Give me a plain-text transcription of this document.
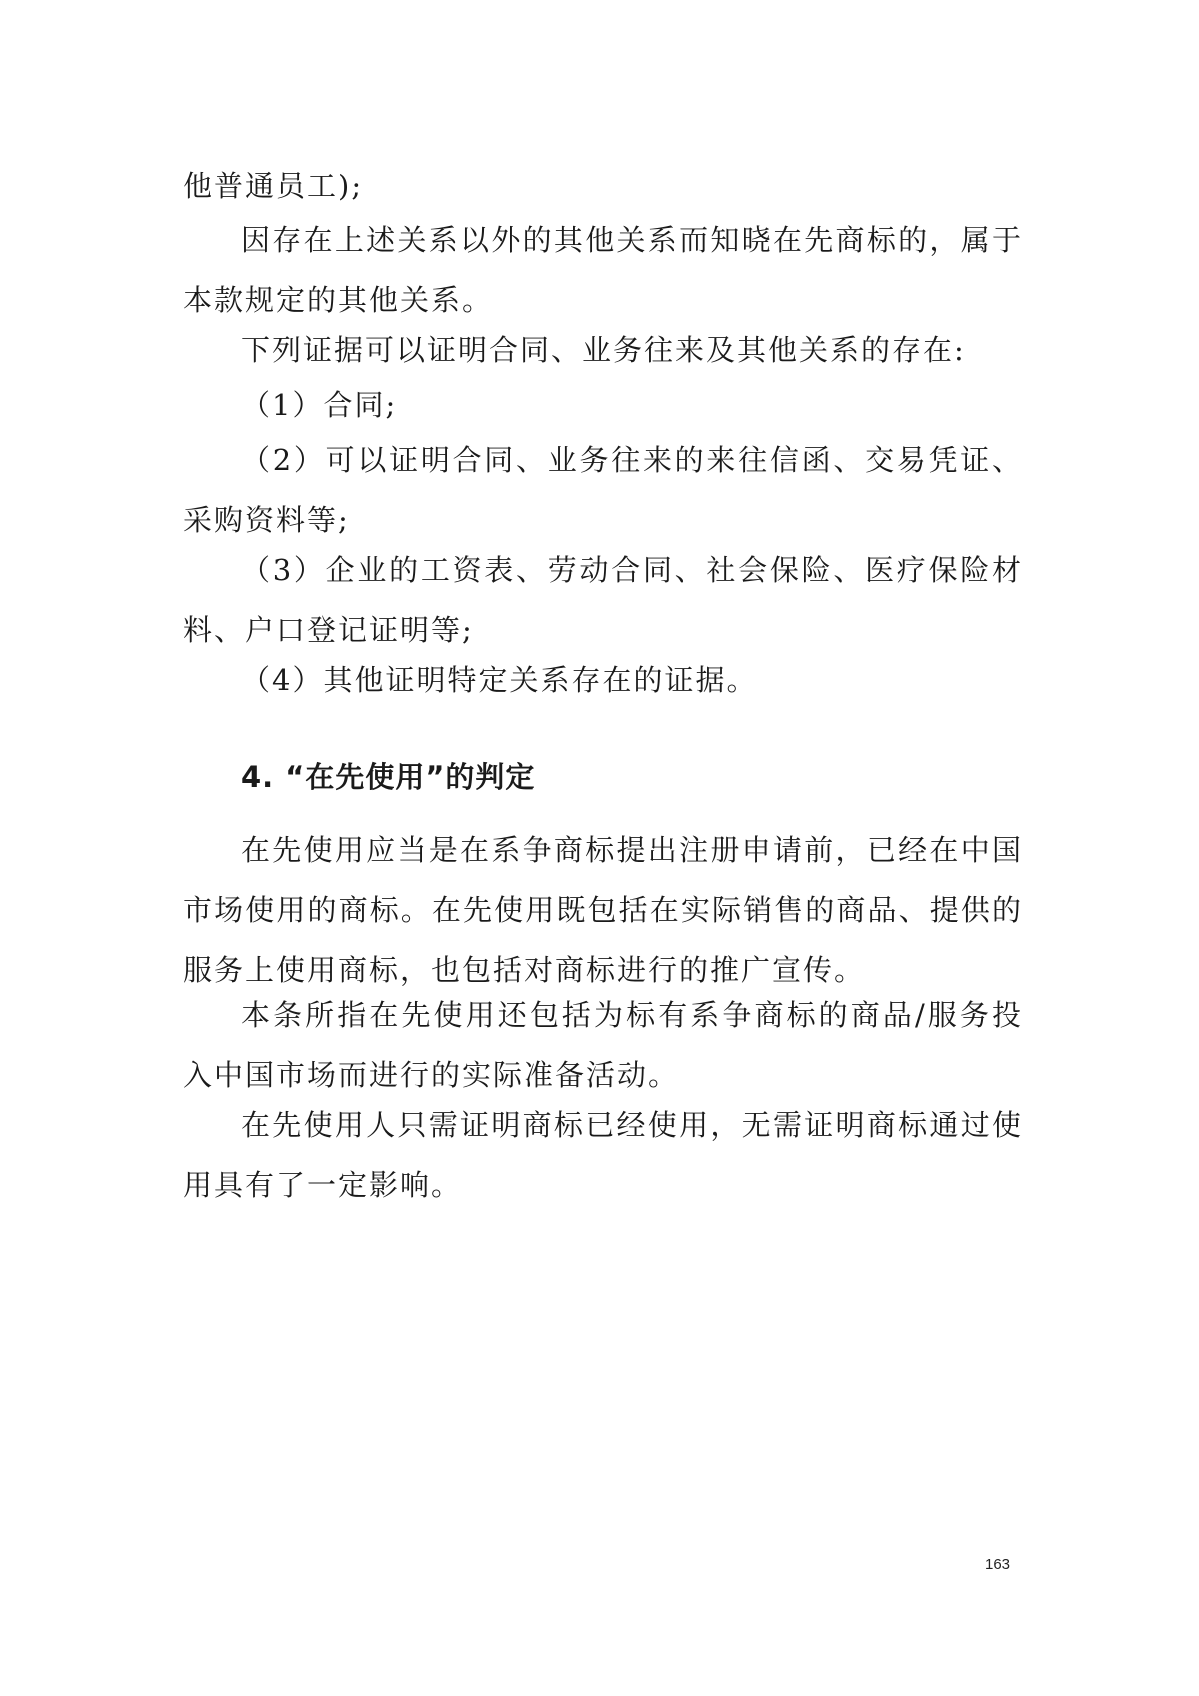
他普通员工);

因存在上述关系以外的其他关系而知晓在先商标的，属于本款规定的其他关系。

下列证据可以证明合同、业务往来及其他关系的存在:

（1）合同;

（2）可以证明合同、业务往来的来往信函、交易凭证、采购资料等;

（3）企业的工资表、劳动合同、社会保险、医疗保险材料、户口登记证明等;

（4）其他证明特定关系存在的证据。

4. “在先使用”的判定

在先使用应当是在系争商标提出注册申请前，已经在中国市场使用的商标。在先使用既包括在实际销售的商品、提供的服务上使用商标，也包括对商标进行的推广宣传。

本条所指在先使用还包括为标有系争商标的商品/服务投入中国市场而进行的实际准备活动。

在先使用人只需证明商标已经使用，无需证明商标通过使用具有了一定影响。

163
